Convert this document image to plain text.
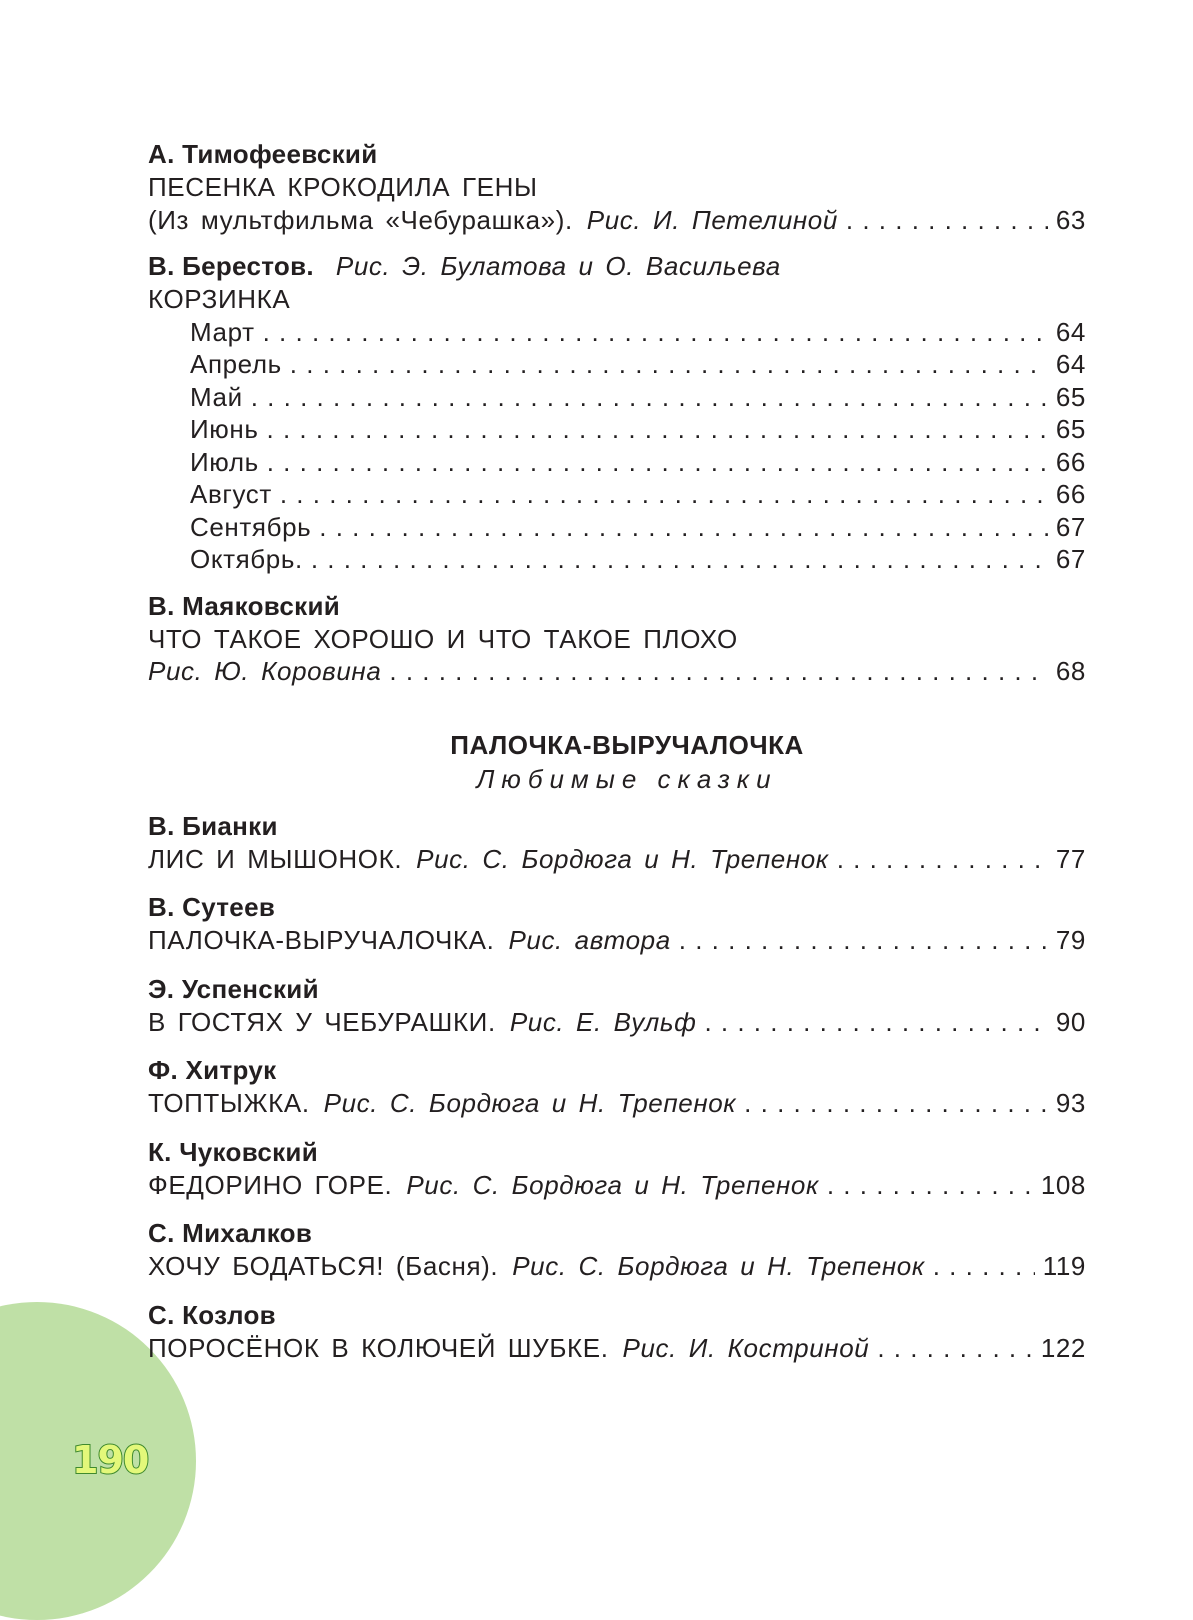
190
А. Тимофеевский
ПЕСЕНКА КРОКОДИЛА ГЕНЫ
(Из мультфильма «Чебурашка»). Рис. И. Петелиной . . .	63
В. Берестов. Рис. Э. Булатова и О. Васильева
КОРЗИНКА
Март . . .	64
Апрель . . .	64
Май . . .	65
Июнь . . .	65
Июль . . .	66
Август . . .	66
Сентябрь . . .	67
Октябрь. . . .	67
В. Маяковский
ЧТО ТАКОЕ ХОРОШО И ЧТО ТАКОЕ ПЛОХО
Рис. Ю. Коровина . . .	68
ПАЛОЧКА-ВЫРУЧАЛОЧКА
Любимые сказки
В. Бианки
ЛИС И МЫШОНОК. Рис. С. Бордюга и Н. Трепенок . . .	77
В. Сутеев
ПАЛОЧКА-ВЫРУЧАЛОЧКА. Рис. автора . . .	79
Э. Успенский
В ГОСТЯХ У ЧЕБУРАШКИ. Рис. Е. Вульф . . .	90
Ф. Хитрук
ТОПТЫЖКА. Рис. С. Бордюга и Н. Трепенок . . .	93
К. Чуковский
ФЕДОРИНО ГОРЕ. Рис. С. Бордюга и Н. Трепенок . . .	108
С. Михалков
ХОЧУ БОДАТЬСЯ! (Басня). Рис. С. Бордюга и Н. Трепенок . . .	119
С. Козлов
ПОРОСЁНОК В КОЛЮЧЕЙ ШУБКЕ. Рис. И. Костриной . . .	122
